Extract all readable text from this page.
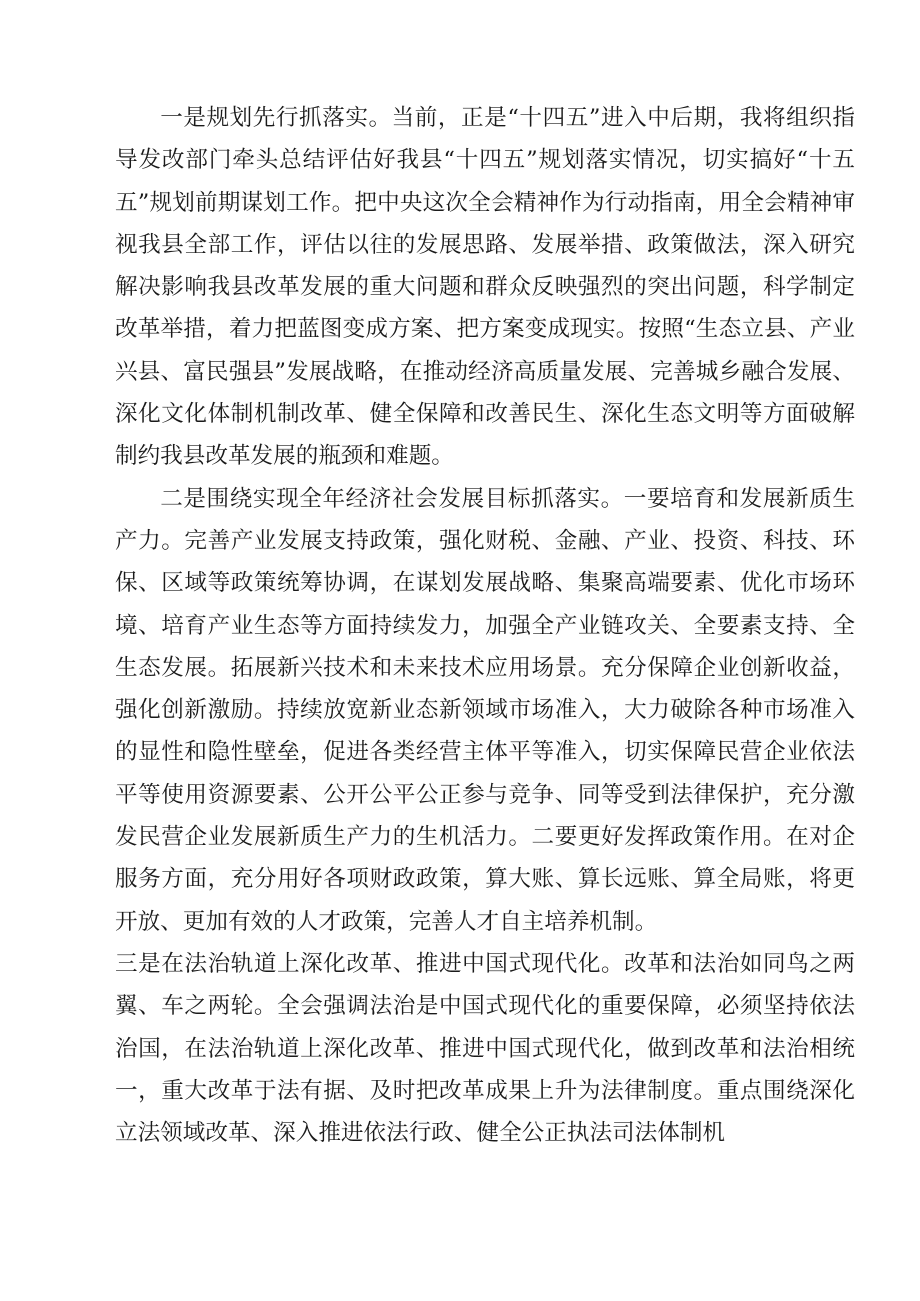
一是规划先行抓落实。当前，正是“十四五”进入中后期，我将组织指导发改部门牵头总结评估好我县“十四五”规划落实情况，切实搞好“十五五”规划前期谋划工作。把中央这次全会精神作为行动指南，用全会精神审视我县全部工作，评估以往的发展思路、发展举措、政策做法，深入研究解决影响我县改革发展的重大问题和群众反映强烈的突出问题，科学制定改革举措，着力把蓝图变成方案、把方案变成现实。按照“生态立县、产业兴县、富民强县”发展战略，在推动经济高质量发展、完善城乡融合发展、深化文化体制机制改革、健全保障和改善民生、深化生态文明等方面破解制约我县改革发展的瓶颈和难题。

二是围绕实现全年经济社会发展目标抓落实。一要培育和发展新质生产力。完善产业发展支持政策，强化财税、金融、产业、投资、科技、环保、区域等政策统筹协调，在谋划发展战略、集聚高端要素、优化市场环境、培育产业生态等方面持续发力，加强全产业链攻关、全要素支持、全生态发展。拓展新兴技术和未来技术应用场景。充分保障企业创新收益，强化创新激励。持续放宽新业态新领域市场准入，大力破除各种市场准入的显性和隐性壁垒，促进各类经营主体平等准入，切实保障民营企业依法平等使用资源要素、公开公平公正参与竞争、同等受到法律保护，充分激发民营企业发展新质生产力的生机活力。二要更好发挥政策作用。在对企服务方面，充分用好各项财政政策，算大账、算长远账、算全局账，将更开放、更加有效的人才政策，完善人才自主培养机制。

三是在法治轨道上深化改革、推进中国式现代化。改革和法治如同鸟之两翼、车之两轮。全会强调法治是中国式现代化的重要保障，必须坚持依法治国，在法治轨道上深化改革、推进中国式现代化，做到改革和法治相统一，重大改革于法有据、及时把改革成果上升为法律制度。重点围绕深化立法领域改革、深入推进依法行政、健全公正执法司法体制机
